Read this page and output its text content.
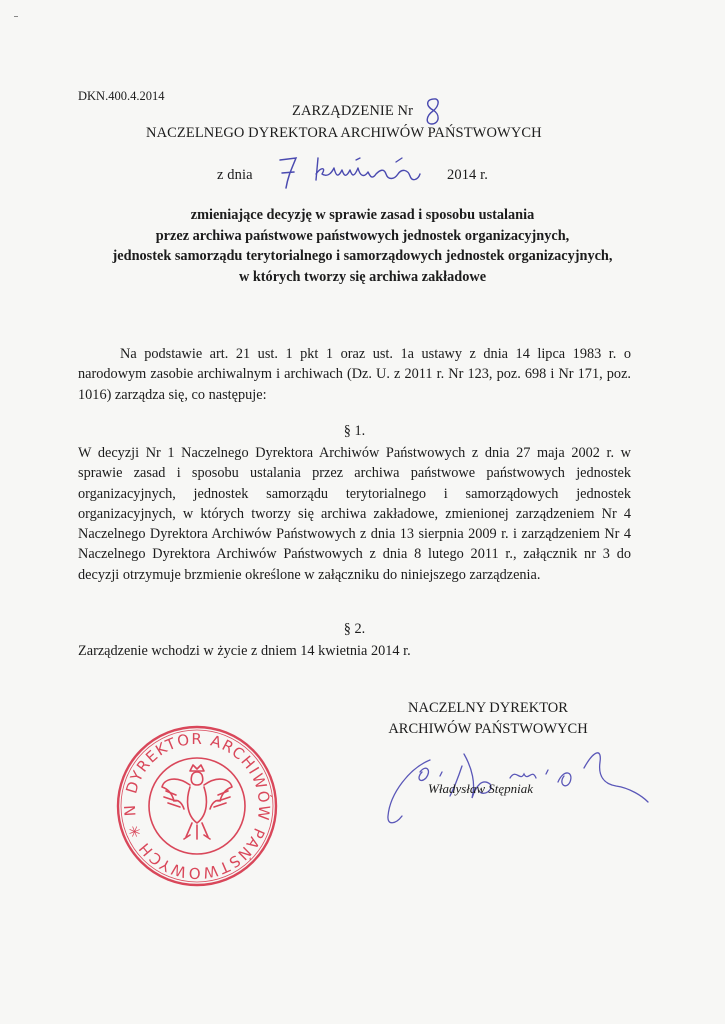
DKN.400.4.2014
ZARZĄDZENIE Nr
NACZELNEGO DYREKTORA ARCHIWÓW PAŃSTWOWYCH
z dnia	2014 r.
zmieniające decyzję w sprawie zasad i sposobu ustalania
przez archiwa państwowe państwowych jednostek organizacyjnych,
jednostek samorządu terytorialnego i samorządowych jednostek organizacyjnych,
w których tworzy się archiwa zakładowe
Na podstawie art. 21 ust. 1 pkt 1 oraz ust. 1a ustawy z dnia 14 lipca 1983 r. o narodowym zasobie archiwalnym i archiwach (Dz. U. z 2011 r. Nr 123, poz. 698 i Nr 171, poz. 1016) zarządza się, co następuje:
§ 1.
W decyzji Nr 1 Naczelnego Dyrektora Archiwów Państwowych z dnia 27 maja 2002 r. w sprawie zasad i sposobu ustalania przez archiwa państwowe państwowych jednostek organizacyjnych, jednostek samorządu terytorialnego i samorządowych jednostek organizacyjnych, w których tworzy się archiwa zakładowe, zmienionej zarządzeniem Nr 4 Naczelnego Dyrektora Archiwów Państwowych z dnia 13 sierpnia 2009 r. i zarządzeniem Nr 4 Naczelnego Dyrektora Archiwów Państwowych z dnia 8 lutego 2011 r., załącznik nr 3 do decyzji otrzymuje brzmienie określone w załączniku do niniejszego zarządzenia.
§ 2.
Zarządzenie wchodzi w życie z dniem 14 kwietnia 2014 r.
NACZELNY DYREKTOR
ARCHIWÓW PAŃSTWOWYCH
Władysław Stępniak
DYREKTOR ARCHIWÓW PAŃSTWOWYCH ✳ N
